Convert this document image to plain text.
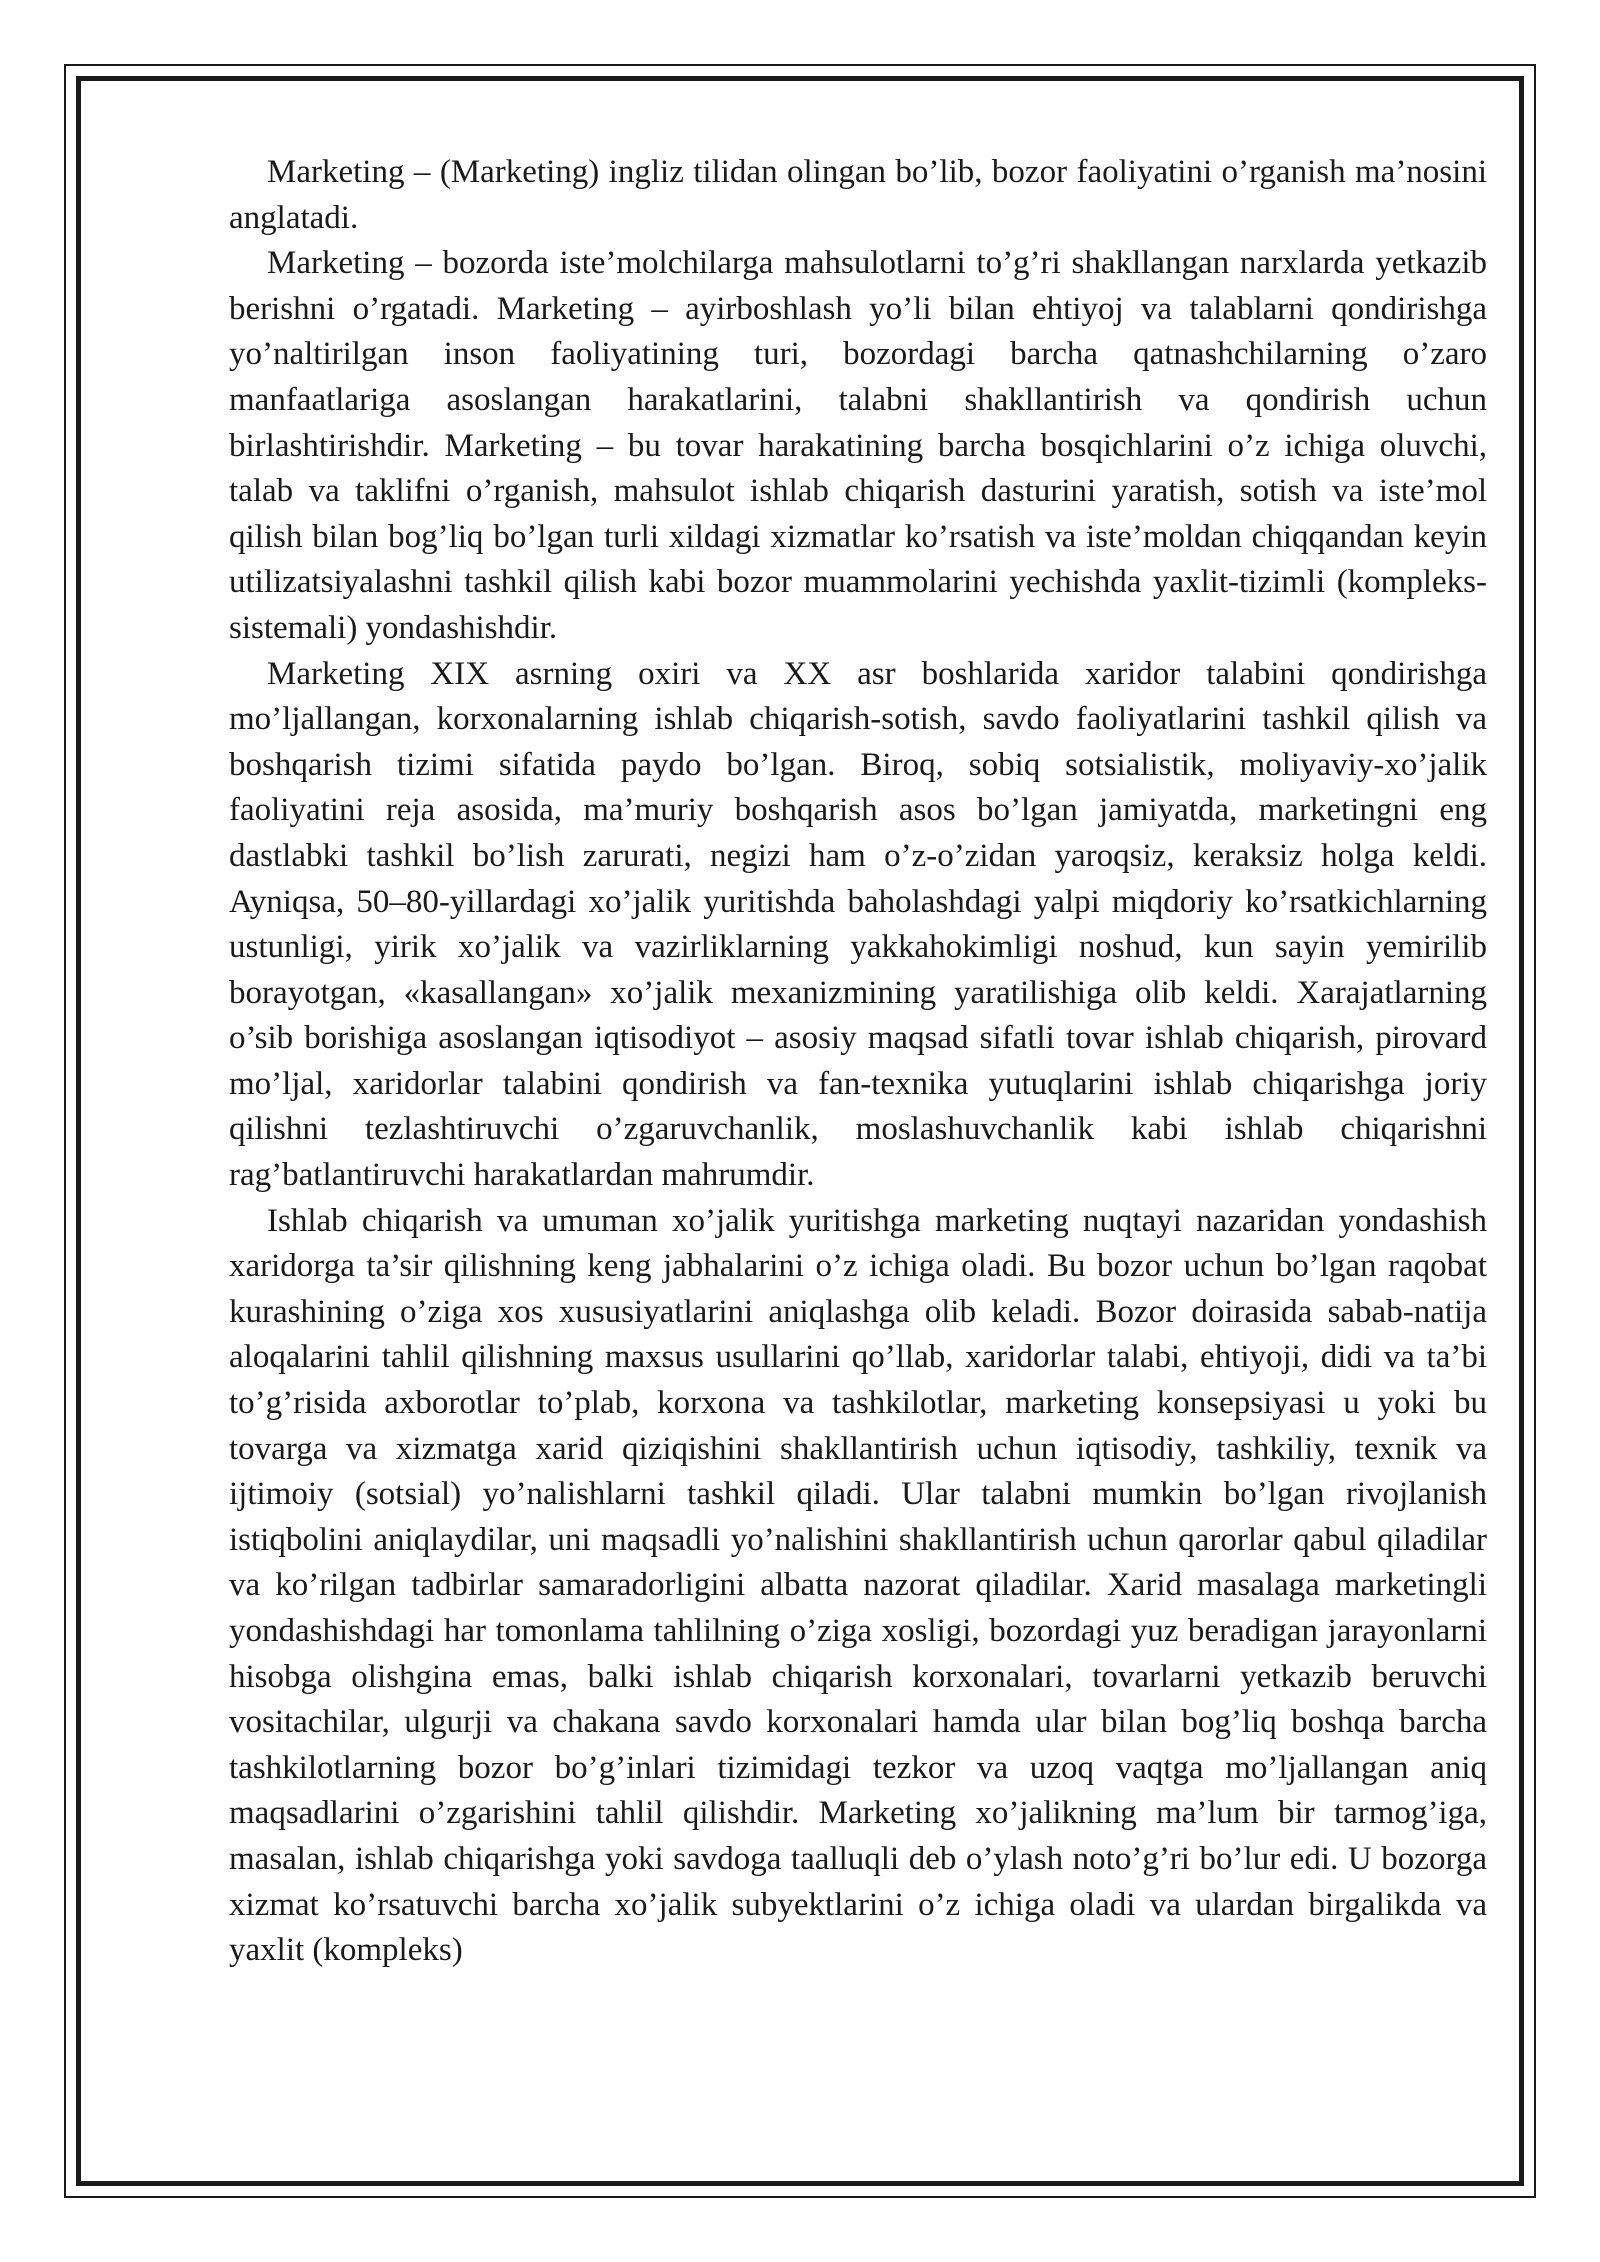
Marketing – (Marketing) ingliz tilidan olingan bo’lib, bozor faoliyatini o’rganish ma’nosini anglatadi.

Marketing – bozorda iste’molchilarga mahsulotlarni to’g’ri shakllangan narxlarda yetkazib berishni o’rgatadi. Marketing – ayirboshlash yo’li bilan ehtiyoj va talablarni qondirishga yo’naltirilgan inson faoliyatining turi, bozordagi barcha qatnashchilarning o’zaro manfaatlariga asoslangan harakatlarini, talabni shakllantirish va qondirish uchun birlashtirishdir. Marketing – bu tovar harakatining barcha bosqichlarini o’z ichiga oluvchi, talab va taklifni o’rganish, mahsulot ishlab chiqarish dasturini yaratish, sotish va iste’mol qilish bilan bog’liq bo’lgan turli xildagi xizmatlar ko’rsatish va iste’moldan chiqqandan keyin utilizatsiyalashni tashkil qilish kabi bozor muammolarini yechishda yaxlit-tizimli (kompleks-sistemali) yondashishdir.

Marketing XIX asrning oxiri va XX asr boshlarida xaridor talabini qondirishga mo’ljallangan, korxonalarning ishlab chiqarish-sotish, savdo faoliyatlarini tashkil qilish va boshqarish tizimi sifatida paydo bo’lgan. Biroq, sobiq sotsialistik, moliyaviy-xo’jalik faoliyatini reja asosida, ma’muriy boshqarish asos bo’lgan jamiyatda, marketingni eng dastlabki tashkil bo’lish zarurati, negizi ham o’z-o’zidan yaroqsiz, keraksiz holga keldi. Ayniqsa, 50–80-yillardagi xo’jalik yuritishda baholashdagi yalpi miqdoriy ko’rsatkichlarning ustunligi, yirik xo’jalik va vazirliklarning yakkahokimligi noshud, kun sayin yemirilib borayotgan, «kasallangan» xo’jalik mexanizmining yaratilishiga olib keldi. Xarajatlarning o’sib borishiga asoslangan iqtisodiyot – asosiy maqsad sifatli tovar ishlab chiqarish, pirovard mo’ljal, xaridorlar talabini qondirish va fan-texnika yutuqlarini ishlab chiqarishga joriy qilishni tezlashtiruvchi o’zgaruvchanlik, moslashuvchanlik kabi ishlab chiqarishni rag’batlantiruvchi harakatlardan mahrumdir.

Ishlab chiqarish va umuman xo’jalik yuritishga marketing nuqtayi nazaridan yondashish xaridorga ta’sir qilishning keng jabhalarini o’z ichiga oladi. Bu bozor uchun bo’lgan raqobat kurashining o’ziga xos xususiyatlarini aniqlashga olib keladi. Bozor doirasida sabab-natija aloqalarini tahlil qilishning maxsus usullarini qo’llab, xaridorlar talabi, ehtiyoji, didi va ta’bi to’g’risida axborotlar to’plab, korxona va tashkilotlar, marketing konsepsiyasi u yoki bu tovarga va xizmatga xarid qiziqishini shakllantirish uchun iqtisodiy, tashkiliy, texnik va ijtimoiy (sotsial) yo’nalishlarni tashkil qiladi. Ular talabni mumkin bo’lgan rivojlanish istiqbolini aniqlaydilar, uni maqsadli yo’nalishini shakllantirish uchun qarorlar qabul qiladilar va ko’rilgan tadbirlar samaradorligini albatta nazorat qiladilar. Xarid masalaga marketingli yondashishdagi har tomonlama tahlilning o’ziga xosligi, bozordagi yuz beradigan jarayonlarni hisobga olishgina emas, balki ishlab chiqarish korxonalari, tovarlarni yetkazib beruvchi vositachilar, ulgurji va chakana savdo korxonalari hamda ular bilan bog’liq boshqa barcha tashkilotlarning bozor bo’g’inlari tizimidagi tezkor va uzoq vaqtga mo’ljallangan aniq maqsadlarini o’zgarishini tahlil qilishdir. Marketing xo’jalikning ma’lum bir tarmog’iga, masalan, ishlab chiqarishga yoki savdoga taalluqli deb o’ylash noto’g’ri bo’lur edi. U bozorga xizmat ko’rsatuvchi barcha xo’jalik subyektlarini o’z ichiga oladi va ulardan birgalikda va yaxlit (kompleks)
